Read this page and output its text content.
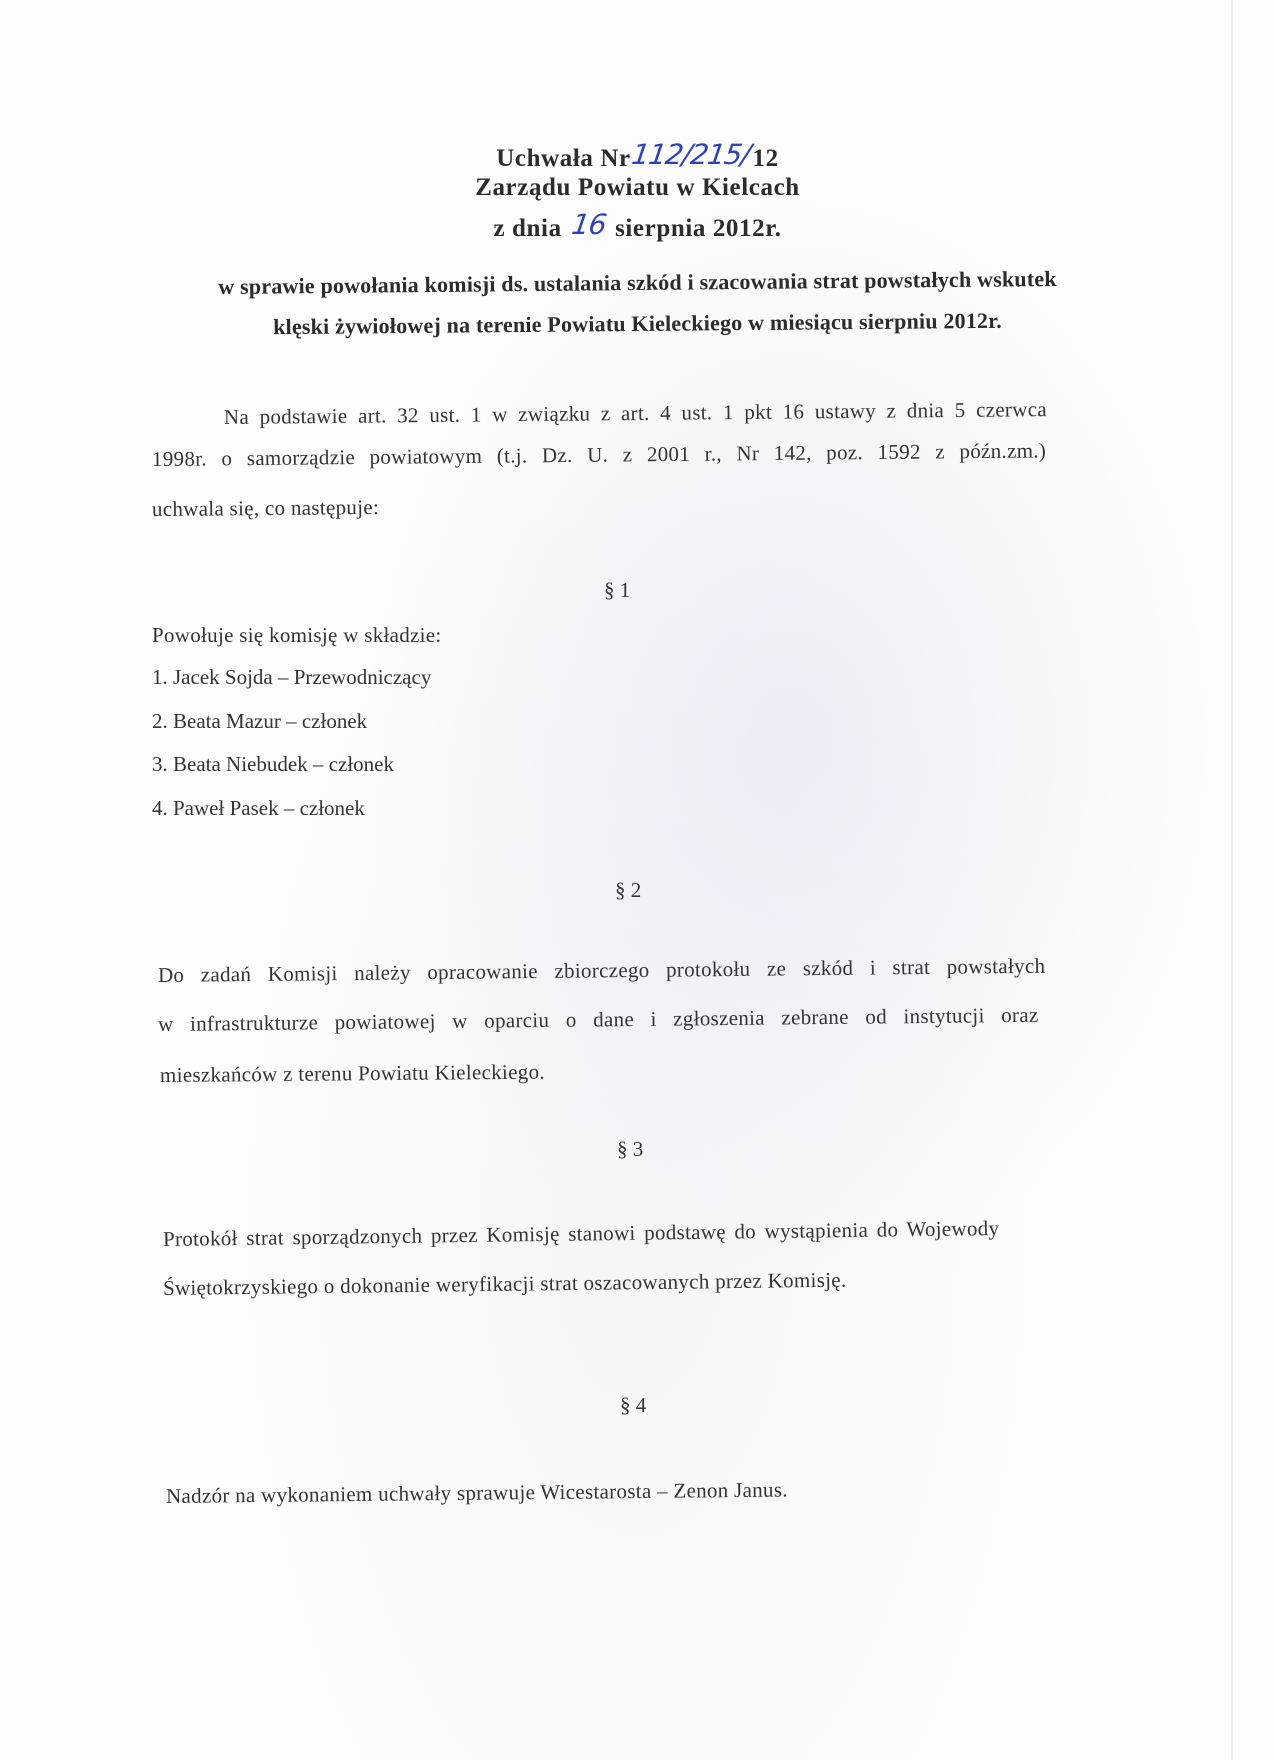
Uchwała Nr112/215/12
Zarządu Powiatu w Kielcach
z dnia 16 sierpnia 2012r.
w sprawie powołania komisji ds. ustalania szkód i szacowania strat powstałych wskutek
klęski żywiołowej na terenie Powiatu Kieleckiego w miesiącu sierpniu 2012r.
Na podstawie art. 32 ust. 1 w związku z art. 4 ust. 1 pkt 16 ustawy z dnia 5 czerwca
1998r. o samorządzie powiatowym (t.j. Dz. U. z 2001 r., Nr 142, poz. 1592 z późn.zm.)
uchwala się, co następuje:
§ 1
Powołuje się komisję w składzie:
1. Jacek Sojda – Przewodniczący
2. Beata Mazur – członek
3. Beata Niebudek – członek
4. Paweł Pasek – członek
§ 2
Do zadań Komisji należy opracowanie zbiorczego protokołu ze szkód i strat powstałych
w infrastrukturze powiatowej w oparciu o dane i zgłoszenia zebrane od instytucji oraz
mieszkańców z terenu Powiatu Kieleckiego.
§ 3
Protokół strat sporządzonych przez Komisję stanowi podstawę do wystąpienia do Wojewody
Świętokrzyskiego o dokonanie weryfikacji strat oszacowanych przez Komisję.
§ 4
Nadzór na wykonaniem uchwały sprawuje Wicestarosta – Zenon Janus.
